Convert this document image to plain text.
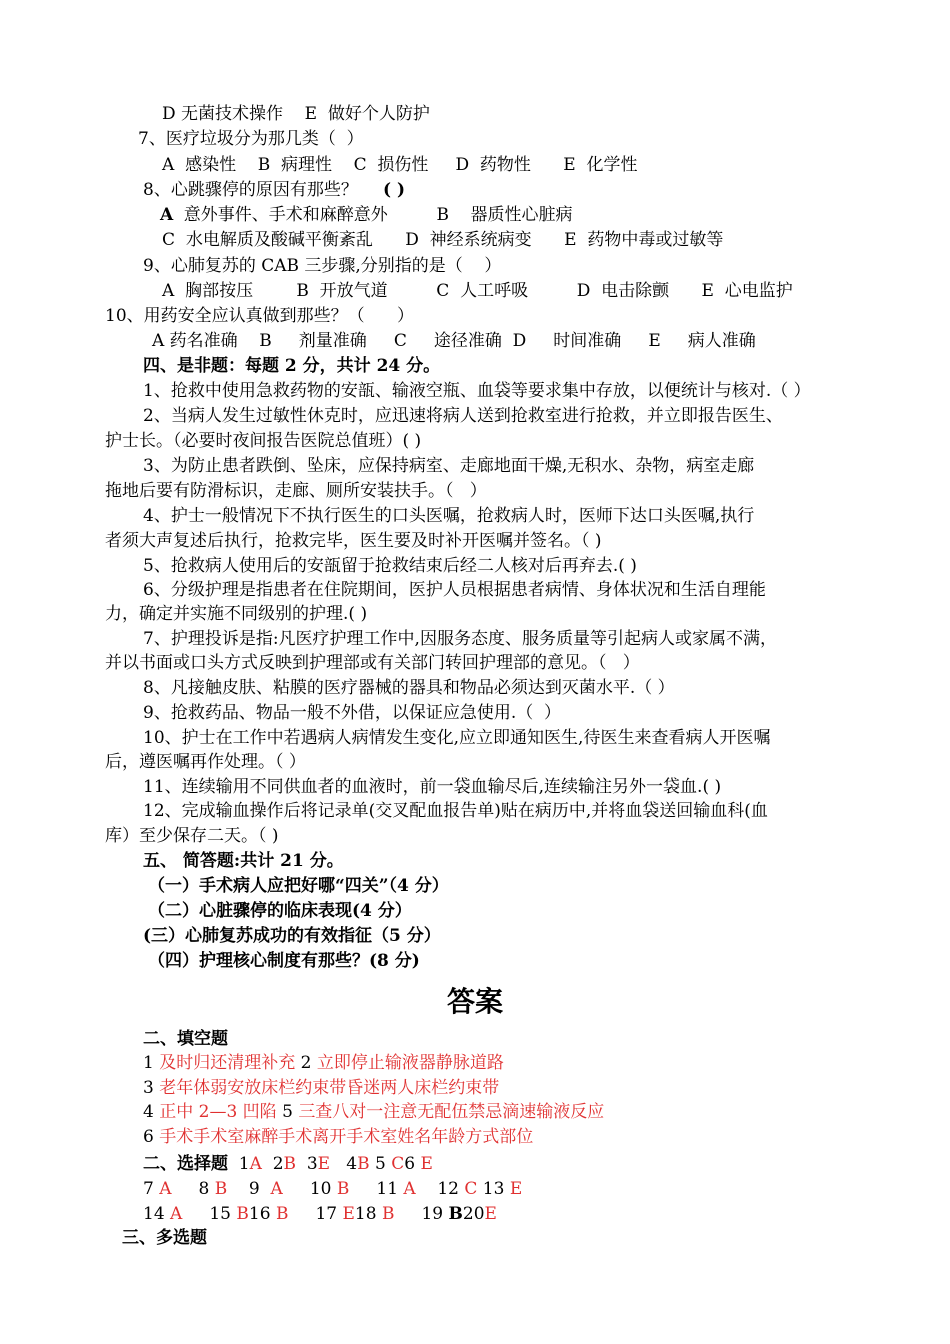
D 无菌技术操作    E  做好个人防护
7、医疗垃圾分为那几类（  ）
A  感染性    B  病理性    C  损伤性     D  药物性      E  化学性
8、心跳骤停的原因有那些？ ( )
A 意外事件、手术和麻醉意外         B    器质性心脏病
C  水电解质及酸碱平衡紊乱      D  神经系统病变      E  药物中毒或过敏等
9、心肺复苏的 CAB 三步骤,分别指的是（    ）
A  胸部按压        B  开放气道         C  人工呼吸         D  电击除颤      E  心电监护
10、用药安全应认真做到那些？（      ）
A 药名准确    B     剂量准确     C     途径准确  D     时间准确     E     病人准确
四、是非题：每题 2 分，共计 24 分。
1、抢救中使用急救药物的安瓿、输液空瓶、血袋等要求集中存放，以便统计与核对.（ ）
2、当病人发生过敏性休克时，应迅速将病人送到抢救室进行抢救，并立即报告医生、
护士长。（必要时夜间报告医院总值班）( )
3、为防止患者跌倒、坠床，应保持病室、走廊地面干燥,无积水、杂物，病室走廊
拖地后要有防滑标识，走廊、厕所安装扶手。（   ）
4、护士一般情况下不执行医生的口头医嘱，抢救病人时，医师下达口头医嘱,执行
者须大声复述后执行，抢救完毕，医生要及时补开医嘱并签名。（ )
5、抢救病人使用后的安瓿留于抢救结束后经二人核对后再弃去.( )
6、分级护理是指患者在住院期间，医护人员根据患者病情、身体状况和生活自理能
力，确定并实施不同级别的护理.( )
7、护理投诉是指:凡医疗护理工作中,因服务态度、服务质量等引起病人或家属不满，
并以书面或口头方式反映到护理部或有关部门转回护理部的意见。（   ）
8、凡接触皮肤、粘膜的医疗器械的器具和物品必须达到灭菌水平.（ ）
9、抢救药品、物品一般不外借，以保证应急使用.（  ）
10、护士在工作中若遇病人病情发生变化,应立即通知医生,待医生来查看病人开医嘱
后，遵医嘱再作处理。（ ）
11、连续输用不同供血者的血液时，前一袋血输尽后,连续输注另外一袋血.( )
12、完成输血操作后将记录单(交叉配血报告单)贴在病历中,并将血袋送回输血科(血
库）至少保存二天。（ )
五、 简答题:共计 21 分。
（一）手术病人应把好哪“四关”（4 分）
（二）心脏骤停的临床表现(4 分）
(三）心肺复苏成功的有效指征（5 分）
（四）护理核心制度有那些？(8 分)
答案
二、填空题
1 及时归还清理补充 2 立即停止输液器静脉道路
3 老年体弱安放床栏约束带昏迷两人床栏约束带
4 正中 2—3 凹陷 5 三查八对一注意无配伍禁忌滴速输液反应
6 手术手术室麻醉手术离开手术室姓名年龄方式部位
二、选择题  1A  2B  3E   4B 5 C6 E
7 A     8 B    9  A     10 B     11 A    12 C 13 E
14 A     15 B16 B     17 E18 B     19 B20E
三、多选题
